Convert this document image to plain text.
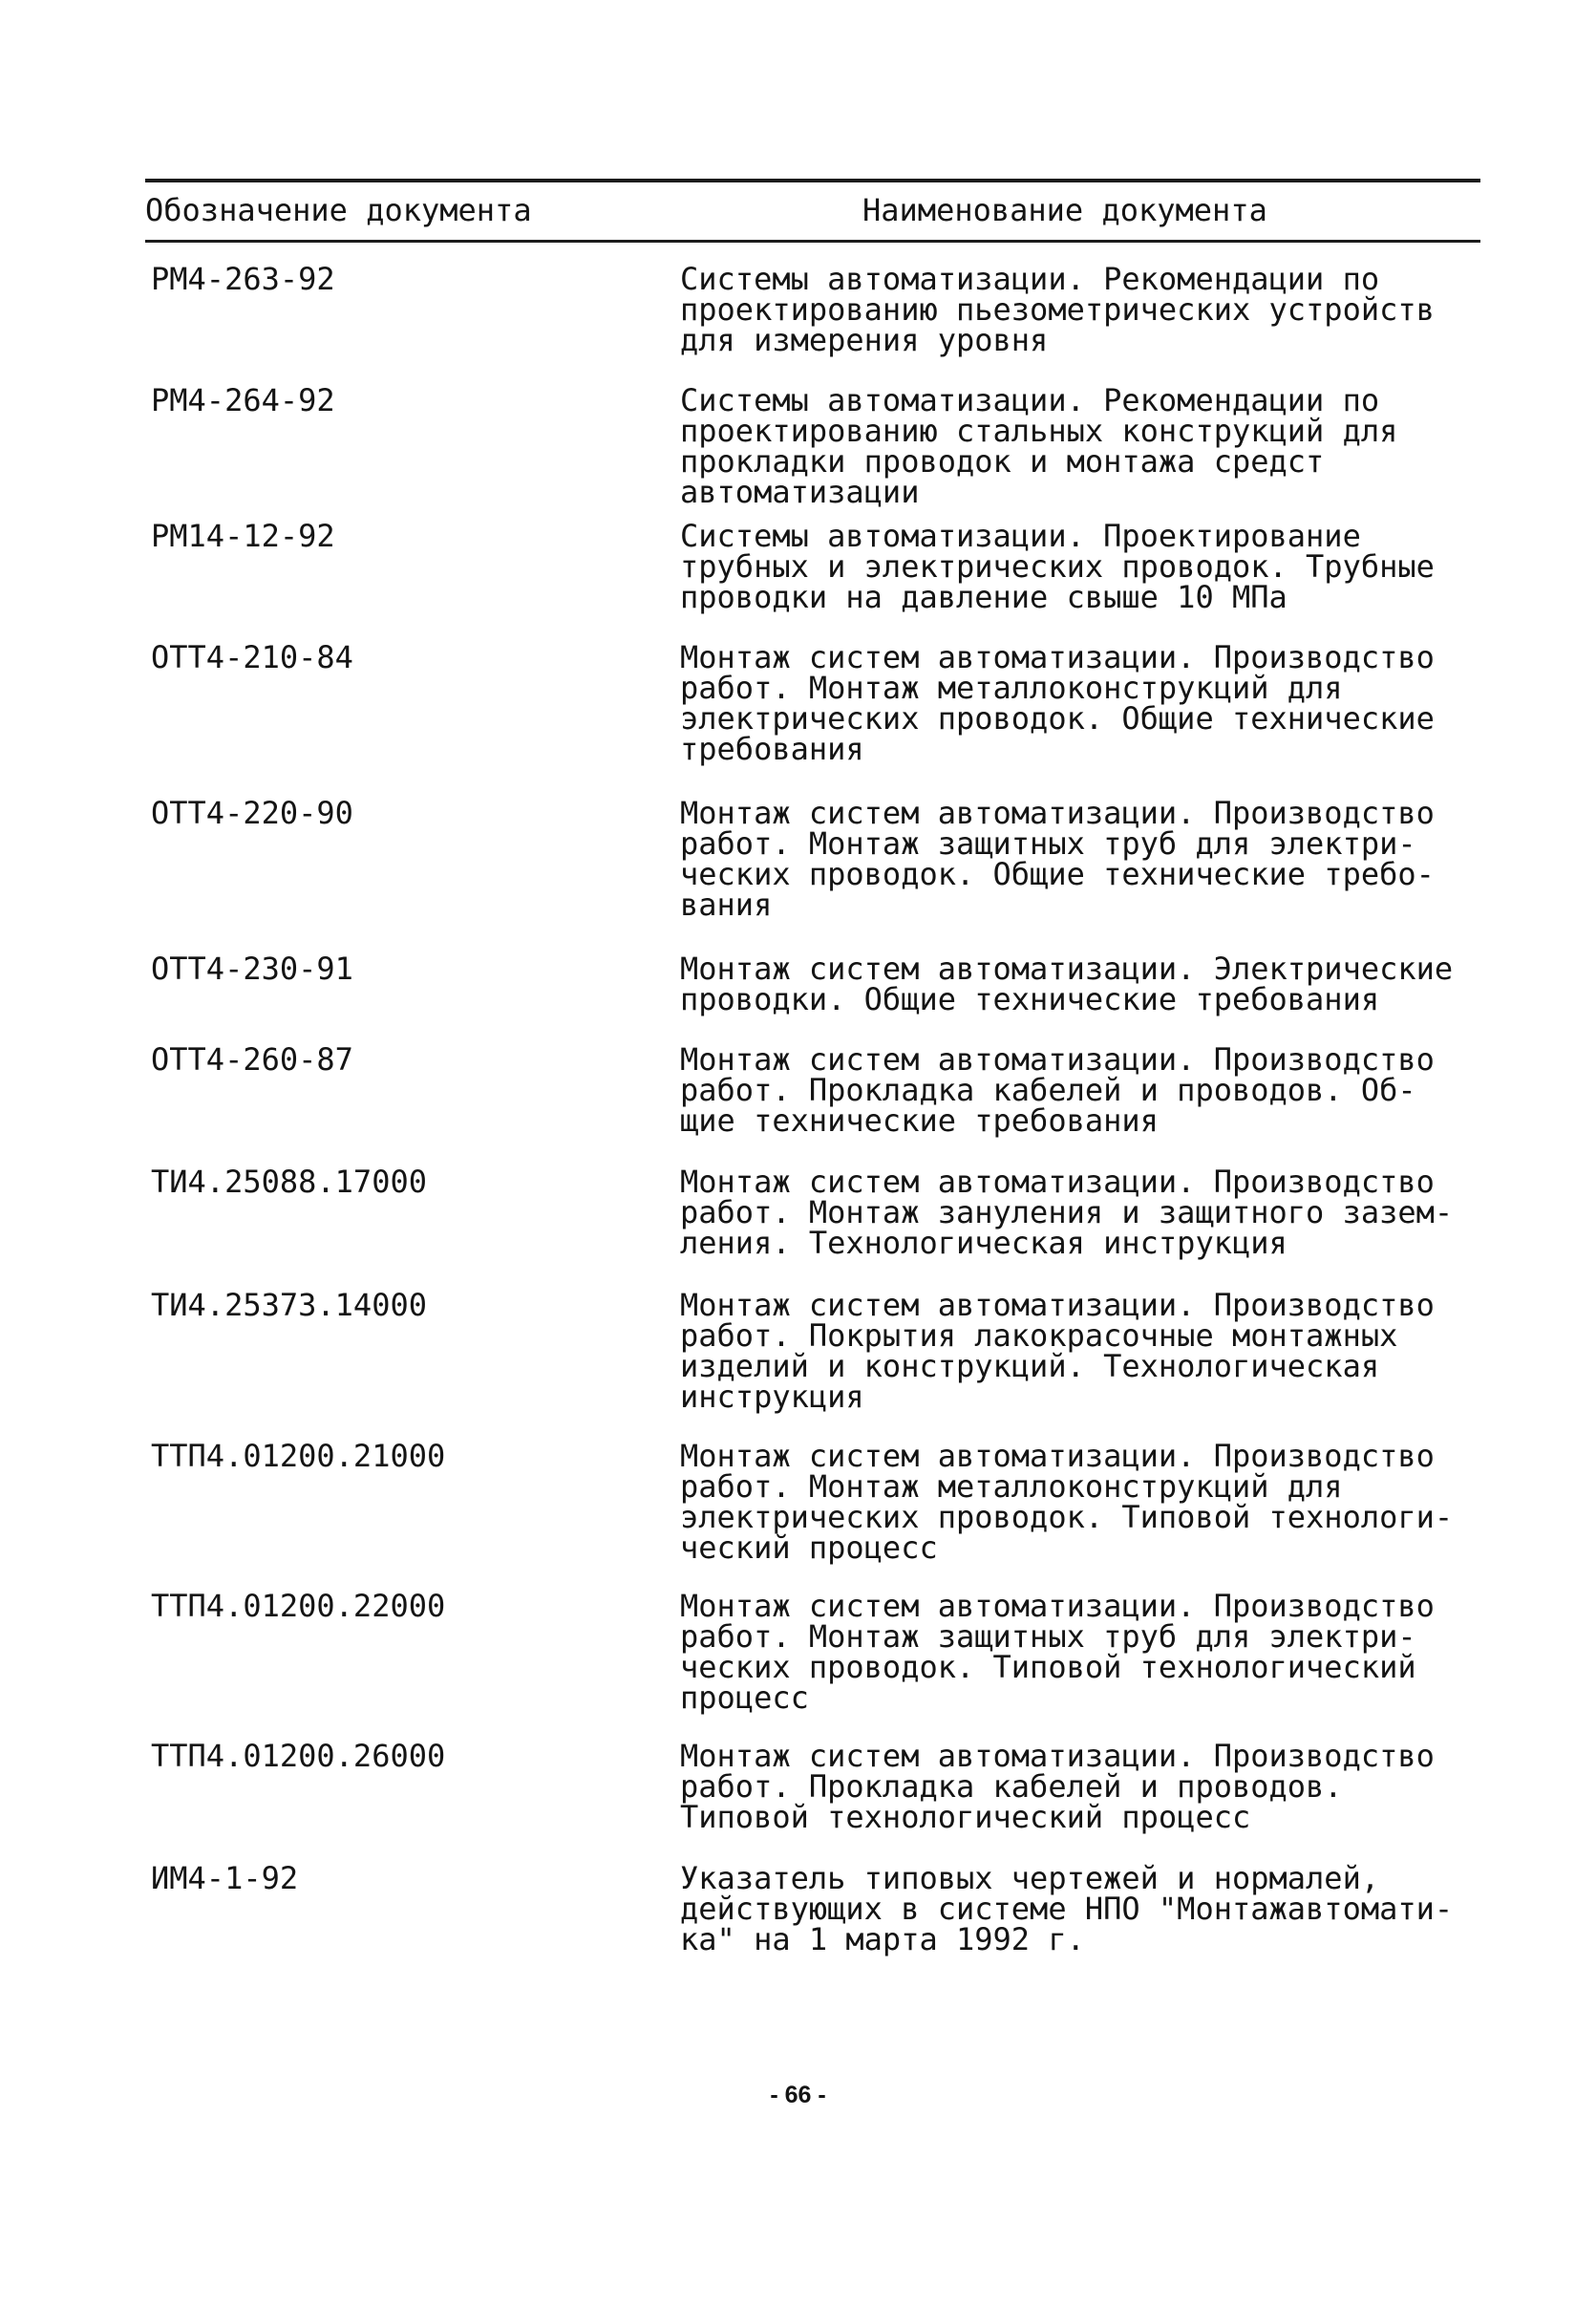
Обозначение документа	Наименование документа
РМ4-263-92	Системы автоматизации. Рекомендации по
проектированию пьезометрических устройств
для измерения уровня
РМ4-264-92	Системы автоматизации. Рекомендации по
проектированию стальных конструкций для
прокладки проводок и монтажа средст
автоматизации
РМ14-12-92	Системы автоматизации. Проектирование
трубных и электрических проводок. Трубные
проводки на давление свыше 10 МПа
ОТТ4-210-84	Монтаж систем автоматизации. Производство
работ. Монтаж металлоконструкций для
электрических проводок. Общие технические
требования
ОТТ4-220-90	Монтаж систем автоматизации. Производство
работ. Монтаж защитных труб для электри-
ческих проводок. Общие технические требо-
вания
ОТТ4-230-91	Монтаж систем автоматизации. Электрические
проводки. Общие технические требования
ОТТ4-260-87	Монтаж систем автоматизации. Производство
работ. Прокладка кабелей и проводов. Об-
щие технические требования
ТИ4.25088.17000	Монтаж систем автоматизации. Производство
работ. Монтаж зануления и защитного зазем-
ления. Технологическая инструкция
ТИ4.25373.14000	Монтаж систем автоматизации. Производство
работ. Покрытия лакокрасочные монтажных
изделий и конструкций. Технологическая
инструкция
ТТП4.01200.21000	Монтаж систем автоматизации. Производство
работ. Монтаж металлоконструкций для
электрических проводок. Типовой технологи-
ческий процесс
ТТП4.01200.22000	Монтаж систем автоматизации. Производство
работ. Монтаж защитных труб для электри-
ческих проводок. Типовой технологический
процесс
ТТП4.01200.26000	Монтаж систем автоматизации. Производство
работ. Прокладка кабелей и проводов.
Типовой технологический процесс
ИМ4-1-92	Указатель типовых чертежей и нормалей,
действующих в системе НПО "Монтажавтомати-
ка" на 1 марта 1992 г.
- 66 -
